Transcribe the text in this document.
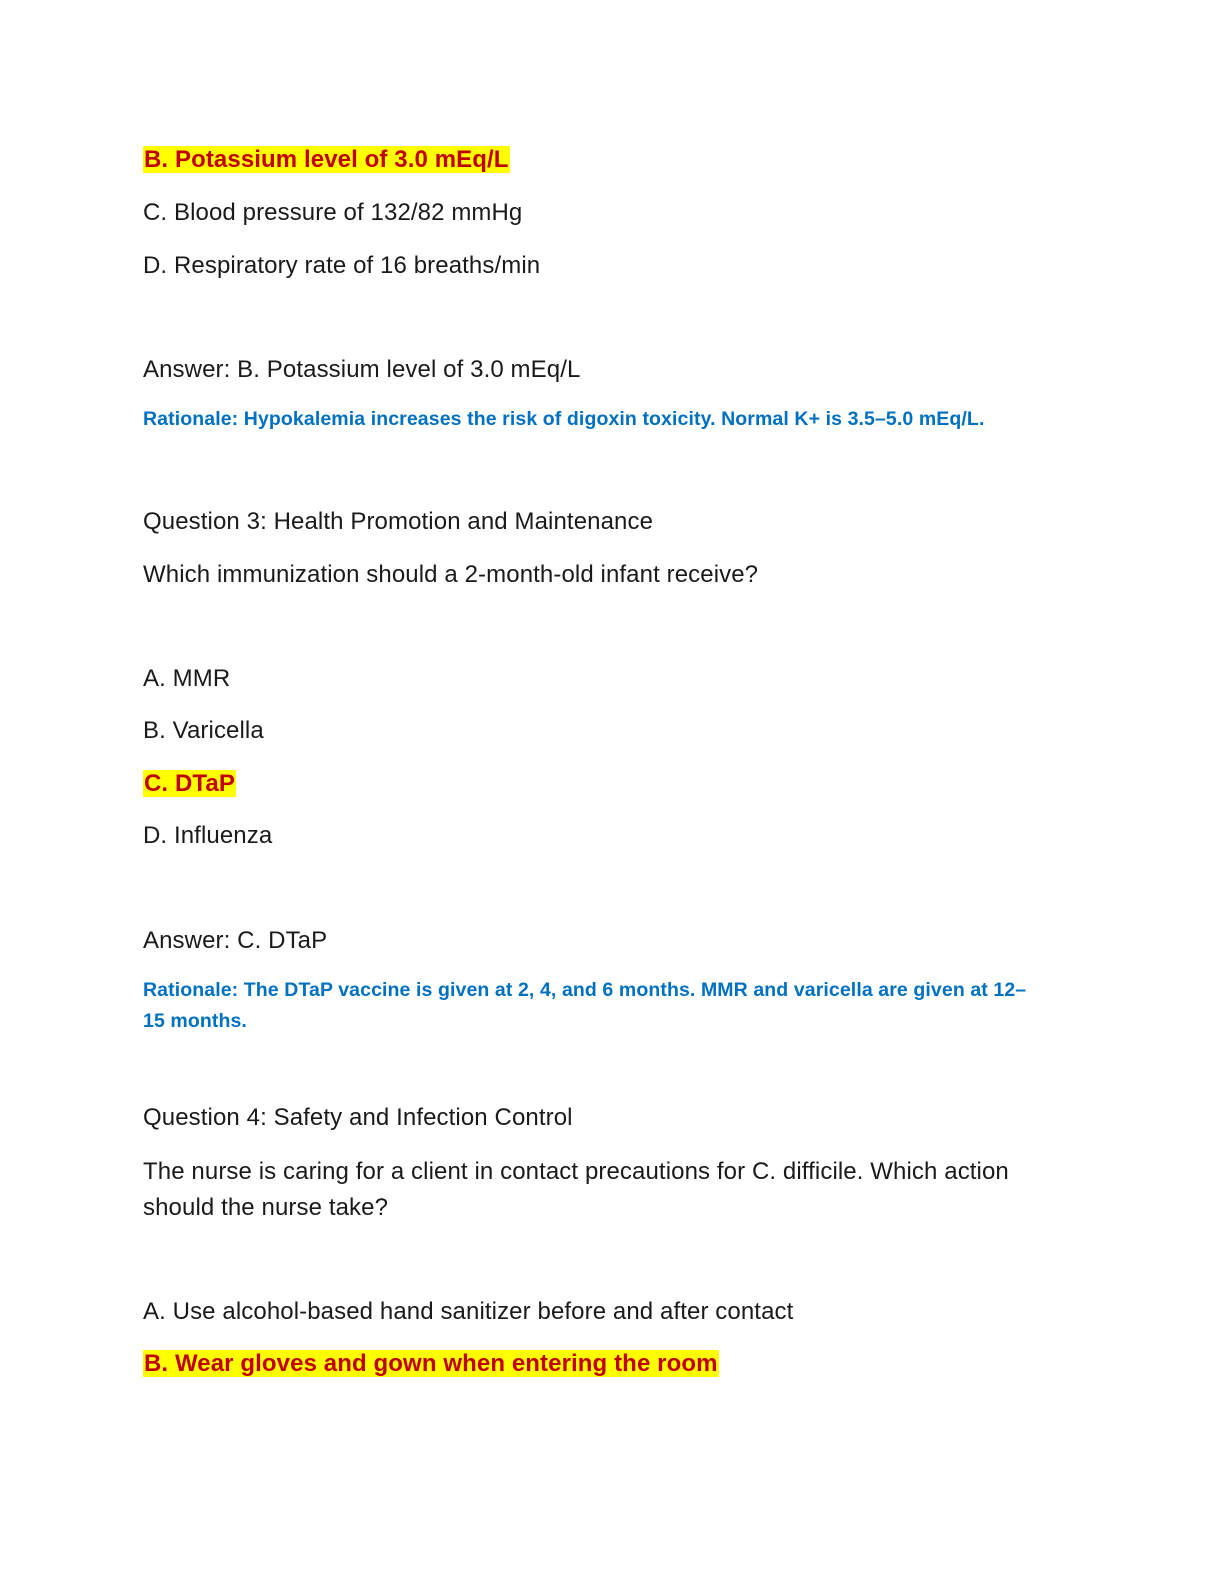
B. Potassium level of 3.0 mEq/L
C. Blood pressure of 132/82 mmHg
D. Respiratory rate of 16 breaths/min
Answer: B. Potassium level of 3.0 mEq/L
Rationale: Hypokalemia increases the risk of digoxin toxicity. Normal K+ is 3.5–5.0 mEq/L.
Question 3: Health Promotion and Maintenance
Which immunization should a 2-month-old infant receive?
A. MMR
B. Varicella
C. DTaP
D. Influenza
Answer: C. DTaP
Rationale: The DTaP vaccine is given at 2, 4, and 6 months. MMR and varicella are given at 12–15 months.
Question 4: Safety and Infection Control
The nurse is caring for a client in contact precautions for C. difficile. Which action should the nurse take?
A. Use alcohol-based hand sanitizer before and after contact
B. Wear gloves and gown when entering the room
